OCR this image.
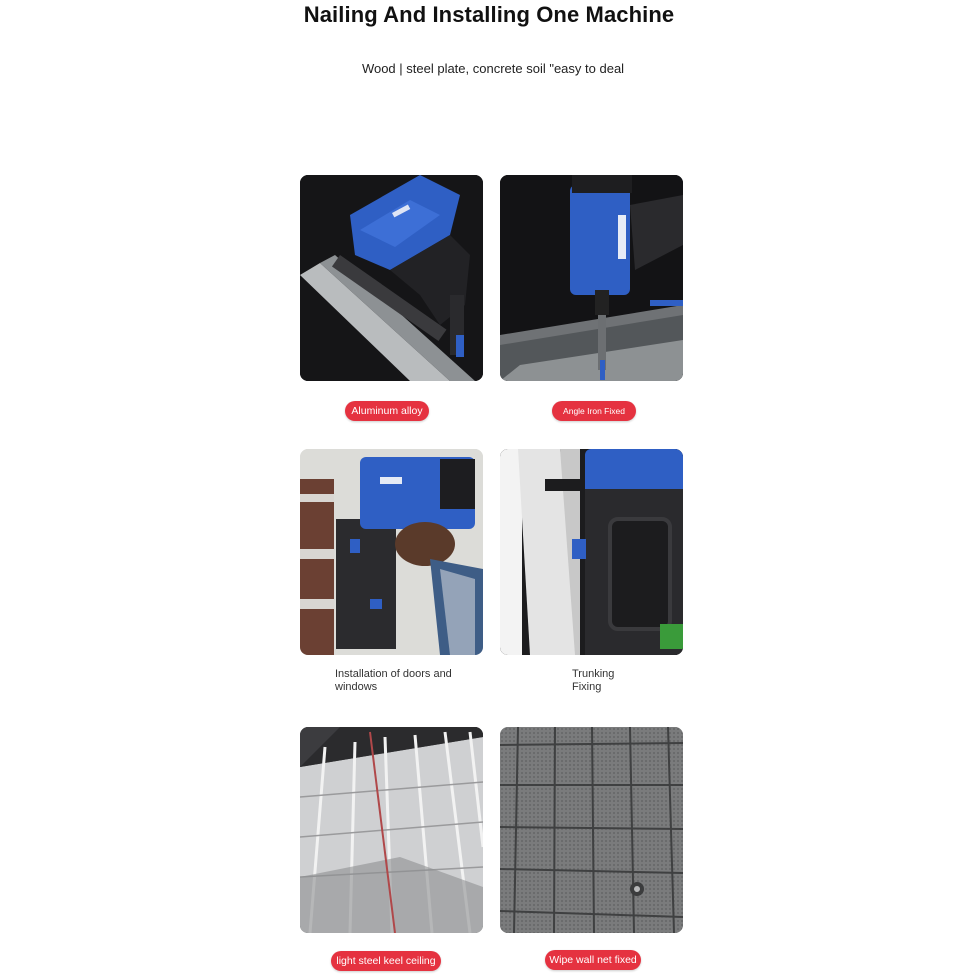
Nailing And Installing One Machine
Wood | steel plate, concrete soil "easy to deal
Aluminum alloy	Angle Iron Fixed
Installation of doors and
windows
Trunking
Fixing
light steel keel ceiling	Wipe wall net fixed
